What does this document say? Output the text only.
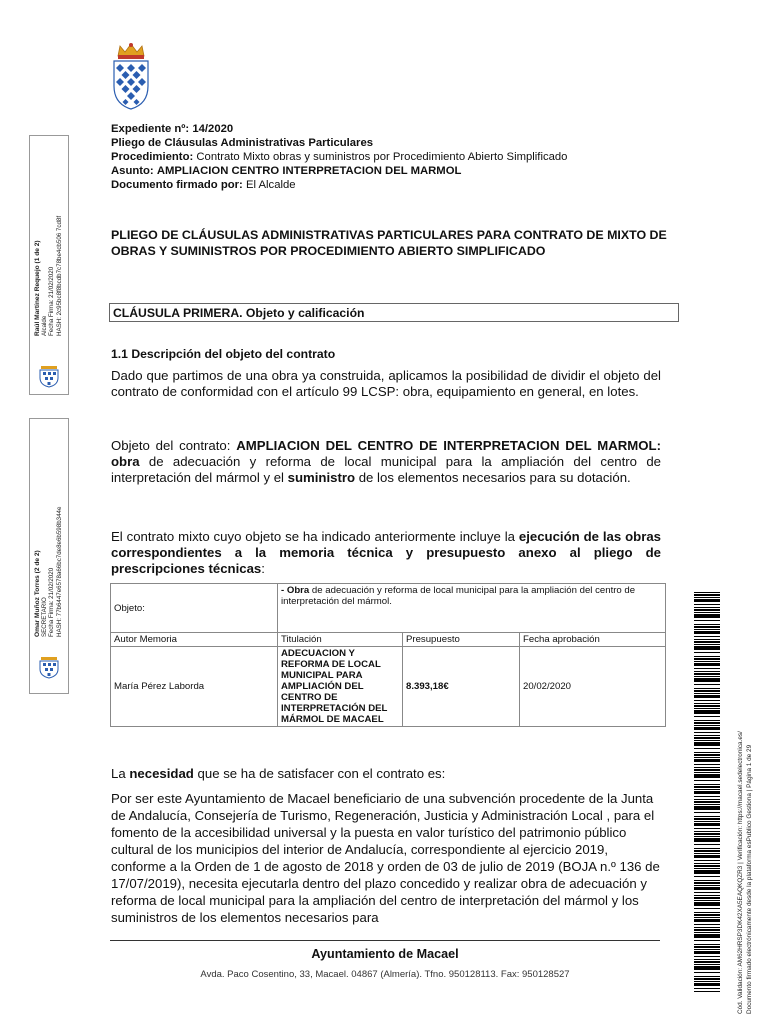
Expediente nº: 14/2020
Pliego de Cláusulas Administrativas Particulares
Procedimiento: Contrato Mixto obras y suministros por Procedimiento Abierto Simplificado
Asunto: AMPLIACION CENTRO INTERPRETACION DEL MARMOL
Documento firmado por: El Alcalde
PLIEGO DE CLÁUSULAS ADMINISTRATIVAS PARTICULARES PARA CONTRATO DE MIXTO DE OBRAS Y SUMINISTROS POR PROCEDIMIENTO ABIERTO SIMPLIFICADO
CLÁUSULA PRIMERA. Objeto y calificación
1.1 Descripción del objeto del contrato
Dado que partimos de una obra ya construida, aplicamos la posibilidad de dividir el objeto del contrato de conformidad con el artículo 99 LCSP: obra, equipamiento en general, en lotes.
Objeto del contrato: AMPLIACION DEL CENTRO DE INTERPRETACION DEL MARMOL: obra de adecuación y reforma de local municipal para la ampliación del centro de interpretación del mármol y el suministro de los elementos necesarios para su dotación.
El contrato mixto cuyo objeto se ha indicado anteriormente incluye la ejecución de las obras correspondientes a la memoria técnica y presupuesto anexo al pliego de prescripciones técnicas:
Objeto:	- Obra de adecuación y reforma de local municipal para la ampliación del centro de interpretación del mármol.		
Autor Memoria	Titulación	Presupuesto	Fecha aprobación
María Pérez Laborda	ADECUACION Y REFORMA DE LOCAL MUNICIPAL PARA AMPLIACIÓN DEL CENTRO DE INTERPRETACIÓN DEL MÁRMOL DE MACAEL	8.393,18€	20/02/2020
La necesidad que se ha de satisfacer con el contrato es:
Por ser este Ayuntamiento de Macael beneficiario de una subvención procedente de la Junta de Andalucía, Consejería de Turismo, Regeneración, Justicia y Administración Local , para el fomento de la accesibilidad universal y la puesta en valor turístico del patrimonio público cultural de los municipios del interior de Andalucía, correspondiente al ejercicio 2019, conforme a la Orden de 1 de agosto de 2018 y orden de 03 de julio de 2019 (BOJA n.º 136 de 17/07/2019), necesita ejecutarla dentro del plazo concedido y realizar obra de adecuación y reforma de local municipal para la ampliación del centro de interpretación del mármol y los suministros de los elementos necesarios para
Ayuntamiento de Macael
Avda. Paco Cosentino, 33, Macael. 04867 (Almería). Tfno. 950128113. Fax: 950128527
Raúl Martínez Requejo (1 de 2) Alcalde Fecha Firma: 21/02/2020 HASH: 2c95bc8f8bcdb7c78be4cb506 7cd8f
Omar Muñoz Torres (2 de 2) SECRETARIO Fecha Firma: 21/02/2020 HASH: 77b6447e6578a66bc7de8e6b598b344e
Cód. Validación: AM62HRSP3DK42XA5EAQKQZR3 | Verificación: https://macael.sedelectronica.es/ Documento firmado electrónicamente desde la plataforma esPublico Gestiona | Página 1 de 29
